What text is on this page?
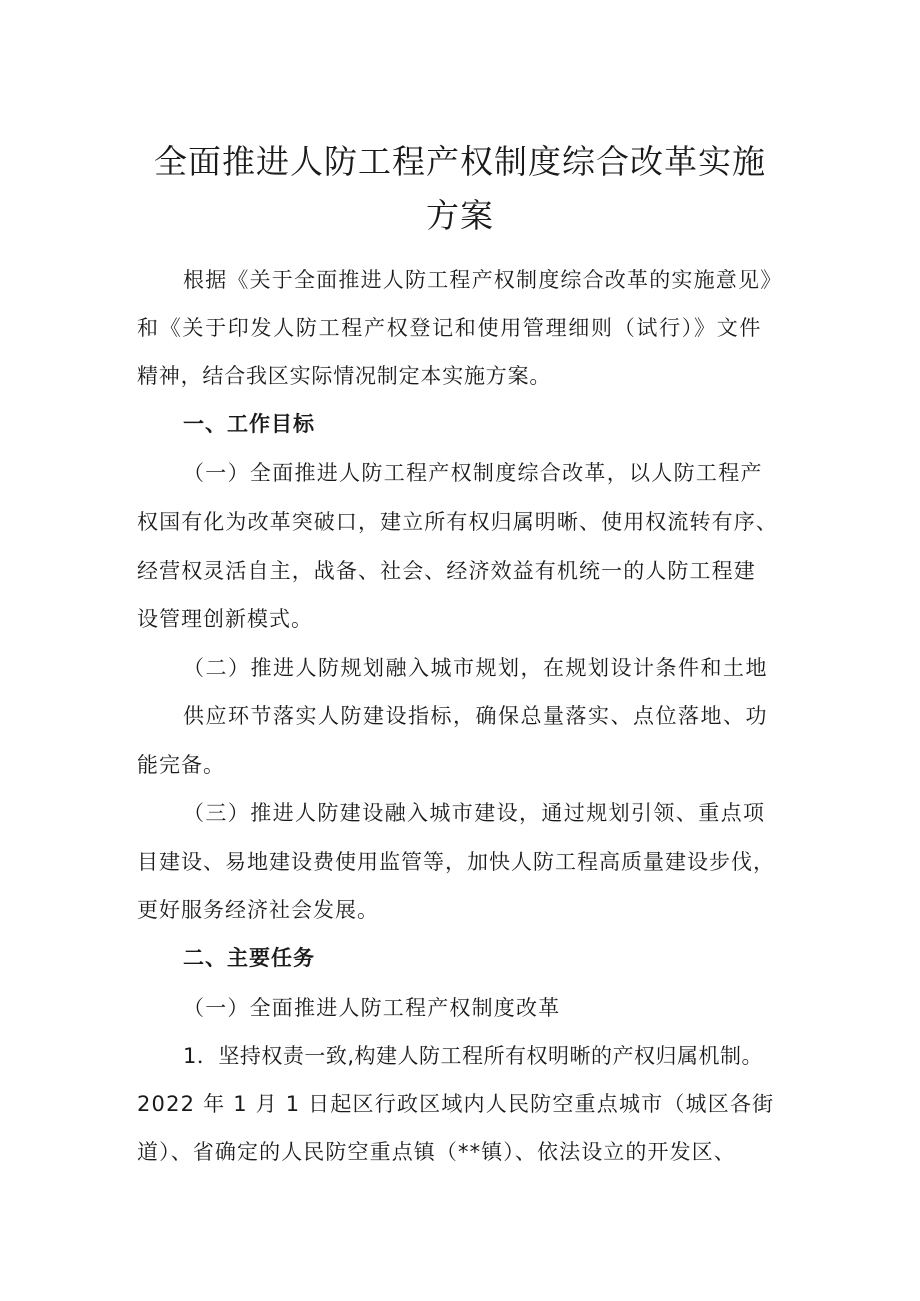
全面推进人防工程产权制度综合改革实施
方案

根据《关于全面推进人防工程产权制度综合改革的实施意见》

和《关于印发人防工程产权登记和使用管理细则（试行）》文件

精神，结合我区实际情况制定本实施方案。

一、工作目标

（一）全面推进人防工程产权制度综合改革，以人防工程产

权国有化为改革突破口，建立所有权归属明晰、使用权流转有序、

经营权灵活自主，战备、社会、经济效益有机统一的人防工程建

设管理创新模式。

（二）推进人防规划融入城市规划，在规划设计条件和土地

供应环节落实人防建设指标，确保总量落实、点位落地、功

能完备。

（三）推进人防建设融入城市建设，通过规划引领、重点项

目建设、易地建设费使用监管等，加快人防工程高质量建设步伐，

更好服务经济社会发展。

二、主要任务

（一）全面推进人防工程产权制度改革

1．坚持权责一致,构建人防工程所有权明晰的产权归属机制。

2022 年 1 月 1 日起区行政区域内人民防空重点城市（城区各街

道）、省确定的人民防空重点镇（**镇）、依法设立的开发区、
